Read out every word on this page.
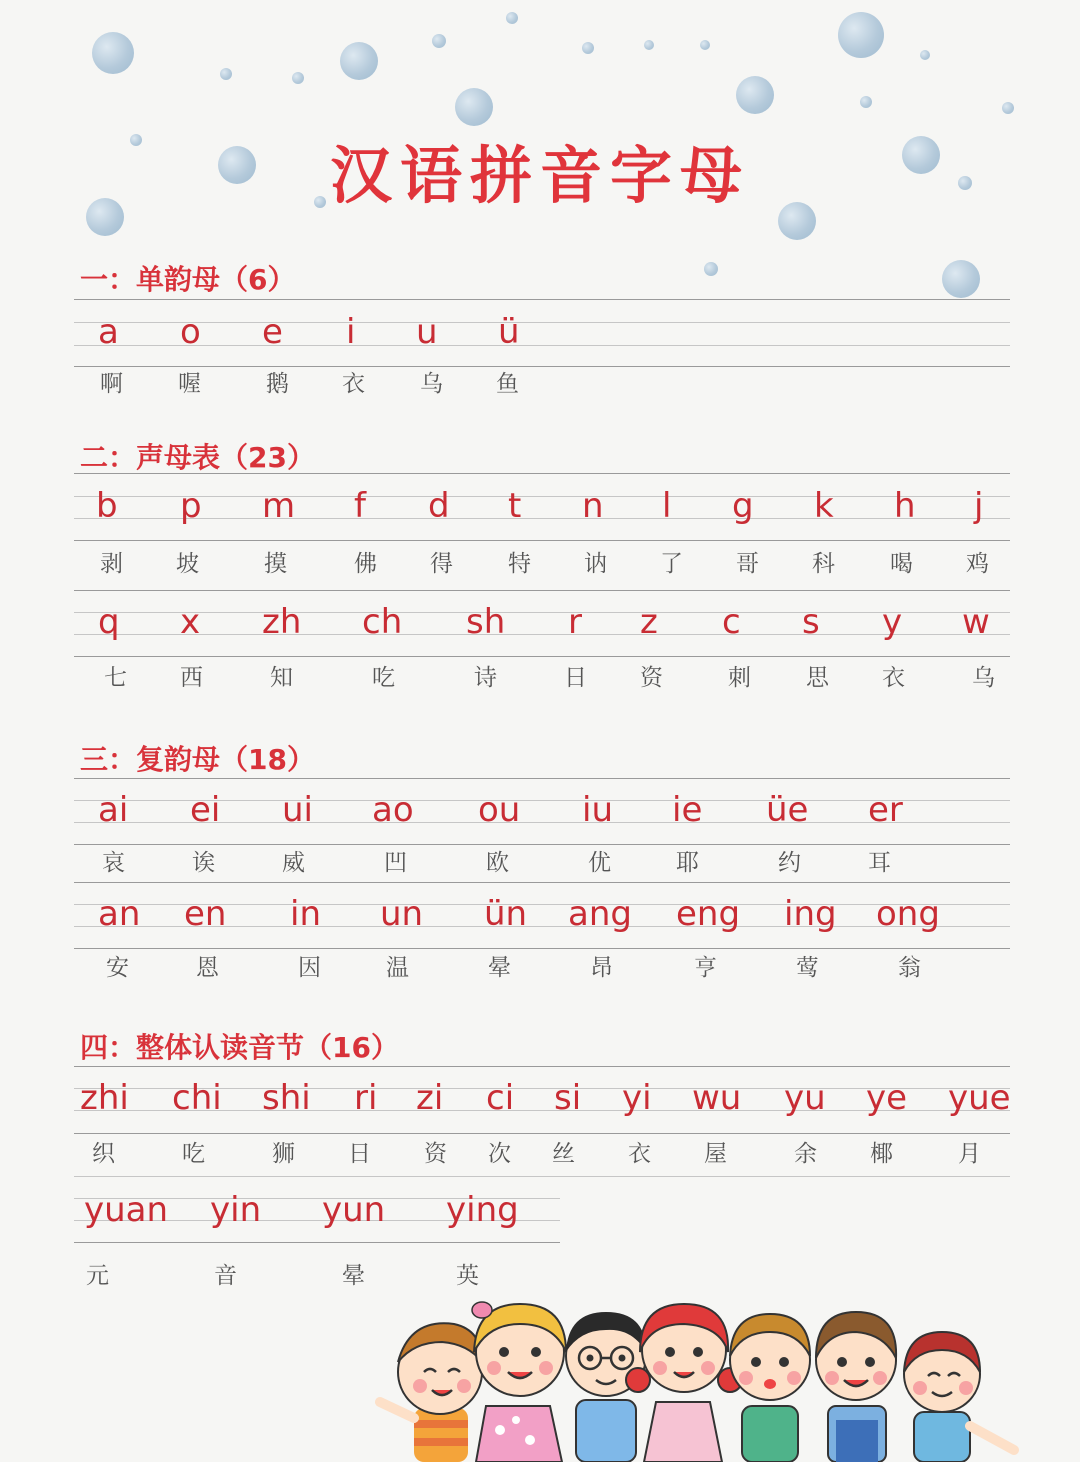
汉语拼音字母
一：单韵母（6）
a o e i u ü
啊 喔	鹅 衣 乌 鱼
二：声母表（23）
b p m f d t n l g k h j
剥 坡	摸	佛 得 特 讷 了 哥 科 喝 鸡
q x zh ch sh r z c s y w
七 西	知	吃	诗	日 资	刺 思 衣	乌
三：复韵母（18）
ai ei ui ao ou iu ie üe er
哀	诶	威	凹	欧	优	耶	约	耳
an en in un ün ang eng ing ong
安	恩	因	温	晕	昂	亨	莺	翁
四：整体认读音节（16）
zhi chi shi ri zi ci si yi wu yu ye yue
织	吃	狮 日 资 次 丝 衣 屋	余 椰	月
yuan yin yun ying
元	音	晕	英
